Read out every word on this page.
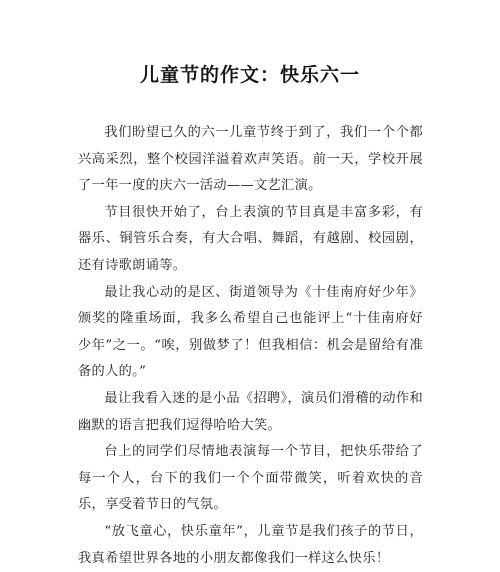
儿童节的作文：快乐六一

我们盼望已久的六一儿童节终于到了，我们一个个都兴高采烈，整个校园洋溢着欢声笑语。前一天，学校开展了一年一度的庆六一活动——文艺汇演。

节目很快开始了，台上表演的节目真是丰富多彩，有器乐、铜管乐合奏，有大合唱、舞蹈，有越剧、校园剧，还有诗歌朗诵等。

最让我心动的是区、街道领导为《十佳南府好少年》颁奖的隆重场面，我多么希望自己也能评上“十佳南府好少年”之一。“唉，别做梦了！但我相信：机会是留给有准备的人的。”

最让我看入迷的是小品《招聘》，演员们滑稽的动作和幽默的语言把我们逗得哈哈大笑。

台上的同学们尽情地表演每一个节目，把快乐带给了每一个人，台下的我们一个个面带微笑，听着欢快的音乐，享受着节日的气氛。

“放飞童心，快乐童年”，儿童节是我们孩子的节日，我真希望世界各地的小朋友都像我们一样这么快乐！
